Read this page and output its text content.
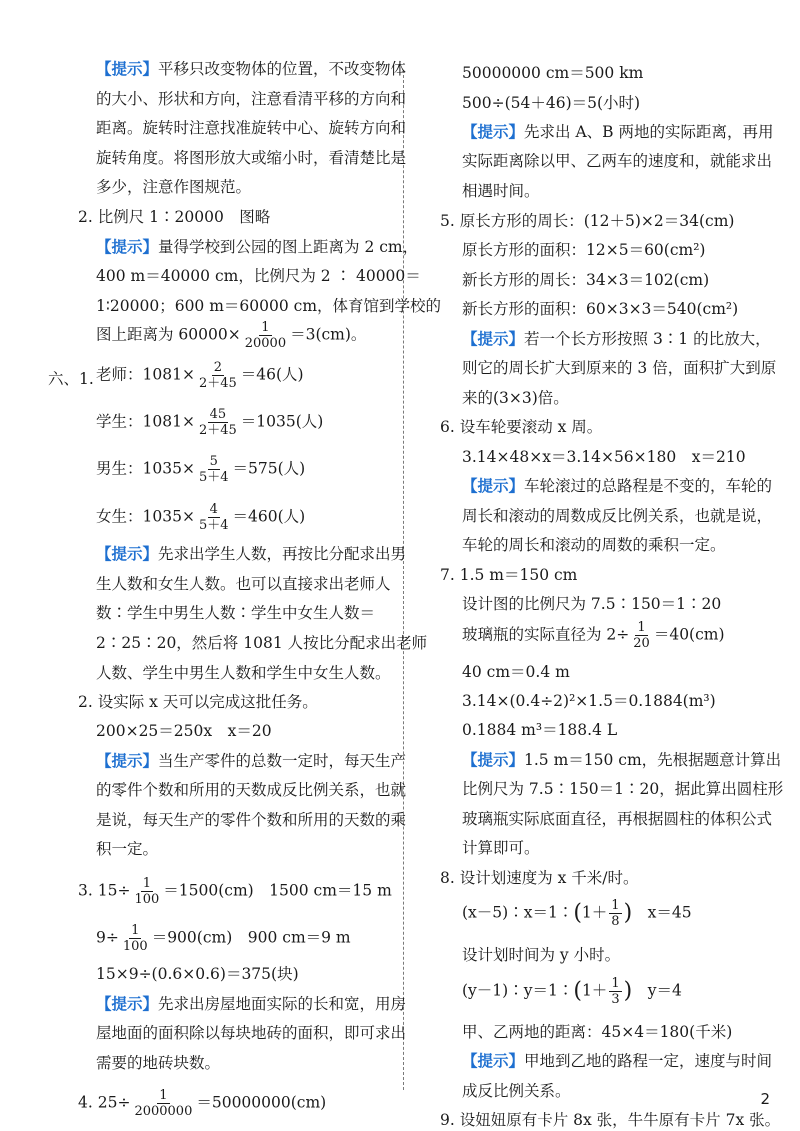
【提示】平移只改变物体的位置，不改变物体
的大小、形状和方向，注意看清平移的方向和
距离。旋转时注意找准旋转中心、旋转方向和
旋转角度。将图形放大或缩小时，看清楚比是
多少，注意作图规范。
2. 比例尺 1∶20000　图略
【提示】量得学校到公园的图上距离为 2 cm，
400 m＝40000 cm，比例尺为 2 ∶ 40000＝
1∶20000；600 m＝60000 cm，体育馆到学校的
图上距离为 $60000\times \frac{1}{20000} =3(cm)$。
六、1. 老师：$1081\times \frac{2}{2+45} =46$(人)
学生：$1081\times \frac{45}{2+45} =1035$(人)
男生：$1035\times \frac{5}{5+4} =575$(人)
女生：$1035\times \frac{4}{5+4} =460$(人)
【提示】先求出学生人数，再按比分配求出男
生人数和女生人数。也可以直接求出老师人
数∶学生中男生人数∶学生中女生人数＝
2∶25∶20，然后将 1081 人按比分配求出老师
人数、学生中男生人数和学生中女生人数。
2. 设实际 x 天可以完成这批任务。
200×25＝250x　x＝20
【提示】当生产零件的总数一定时，每天生产
的零件个数和所用的天数成反比例关系，也就
是说，每天生产的零件个数和所用的天数的乘
积一定。
3. $15\div \frac{1}{100} =1500(cm)$　1500 cm＝15 m
$9\div \frac{1}{100} =900(cm)$　900 cm＝9 m
15×9÷(0.6×0.6)＝375(块)
【提示】先求出房屋地面实际的长和宽，用房
屋地面的面积除以每块地砖的面积，即可求出
需要的地砖块数。
4. $25\div \frac{1}{2000000} =50000000(cm)$
50000000 cm＝500 km
500÷(54＋46)＝5(小时)
【提示】先求出 A、B 两地的实际距离，再用
实际距离除以甲、乙两车的速度和，就能求出
相遇时间。
5. 原长方形的周长：(12＋5)×2＝34(cm)
原长方形的面积：12×5＝60(cm²)
新长方形的周长：34×3＝102(cm)
新长方形的面积：60×3×3＝540(cm²)
【提示】若一个长方形按照 3∶1 的比放大，
则它的周长扩大到原来的 3 倍，面积扩大到原
来的(3×3)倍。
6. 设车轮要滚动 x 周。
3.14×48×x＝3.14×56×180　x＝210
【提示】车轮滚过的总路程是不变的，车轮的
周长和滚动的周数成反比例关系，也就是说，
车轮的周长和滚动的周数的乘积一定。
7. 1.5 m＝150 cm
设计图的比例尺为 7.5∶150＝1∶20
玻璃瓶的实际直径为 $2\div \frac{1}{20} =40(cm)$
40 cm＝0.4 m
3.14×(0.4÷2)²×1.5＝0.1884(m³)
0.1884 m³＝188.4 L
【提示】1.5 m＝150 cm，先根据题意计算出
比例尺为 7.5∶150＝1∶20，据此算出圆柱形
玻璃瓶实际底面直径，再根据圆柱的体积公式
计算即可。
8. 设计划速度为 x 千米/时。
(x－5)∶x＝1∶(1＋ $\frac{1}{8}$ )　 x＝45
设计划时间为 y 小时。
(y－1)∶y＝1∶(1＋ $\frac{1}{3}$ )　 y＝4
甲、乙两地的距离：45×4＝180(千米)
【提示】甲地到乙地的路程一定，速度与时间
成反比例关系。
9. 设妞妞原有卡片 8x 张，牛牛原有卡片 7x 张。
2
